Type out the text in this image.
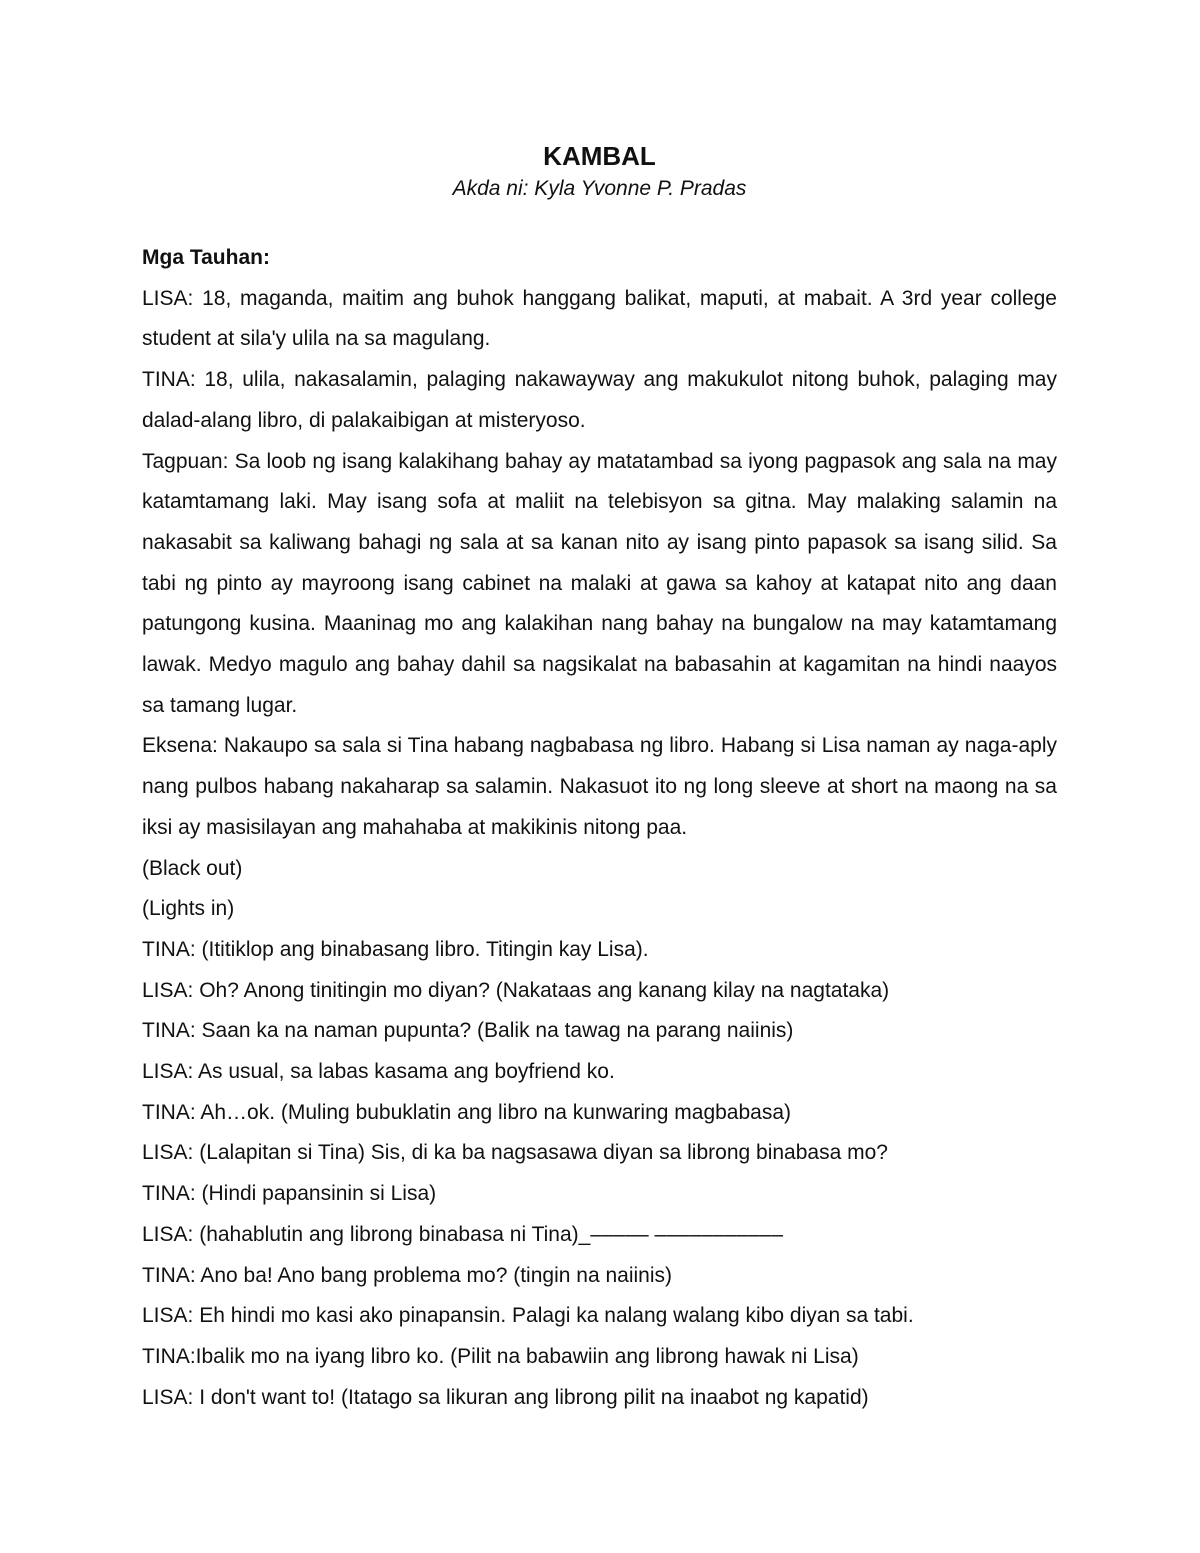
KAMBAL

Akda ni: Kyla Yvonne P. Pradas

Mga Tauhan:

LISA: 18, maganda, maitim ang buhok hanggang balikat, maputi, at mabait. A 3rd year college student at sila'y ulila na sa magulang.

TINA: 18, ulila, nakasalamin, palaging nakawayway ang makukulot nitong buhok, palaging may dalad-alang libro, di palakaibigan at misteryoso.

Tagpuan: Sa loob ng isang kalakihang bahay ay matatambad sa iyong pagpasok ang sala na may katamtamang laki. May isang sofa at maliit na telebisyon sa gitna. May malaking salamin na nakasabit sa kaliwang bahagi ng sala at sa kanan nito ay isang pinto papasok sa isang silid. Sa tabi ng pinto ay mayroong isang cabinet na malaki at gawa sa kahoy at katapat nito ang daan patungong kusina. Maaninag mo ang kalakihan nang bahay na bungalow na may katamtamang lawak. Medyo magulo ang bahay dahil sa nagsikalat na babasahin at kagamitan na hindi naayos sa tamang lugar.

Eksena: Nakaupo sa sala si Tina habang nagbabasa ng libro. Habang si Lisa naman ay naga-aply nang pulbos habang nakaharap sa salamin. Nakasuot ito ng long sleeve at short na maong na sa iksi ay masisilayan ang mahahaba at makikinis nitong paa.

(Black out)

(Lights in)

TINA: (Ititiklop ang binabasang libro. Titingin kay Lisa).

LISA: Oh? Anong tinitingin mo diyan? (Nakataas ang kanang kilay na nagtataka)

TINA: Saan ka na naman pupunta? (Balik na tawag na parang naiinis)

LISA: As usual, sa labas kasama ang boyfriend ko.

TINA: Ah…ok. (Muling bubuklatin ang libro na kunwaring magbabasa)

LISA: (Lalapitan si Tina) Sis, di ka ba nagsasawa diyan sa librong binabasa mo?

TINA: (Hindi papansinin si Lisa)

LISA: (hahablutin ang librong binabasa ni Tina)_––––– –––––––––––

TINA: Ano ba! Ano bang problema mo? (tingin na naiinis)

LISA: Eh hindi mo kasi ako pinapansin. Palagi ka nalang walang kibo diyan sa tabi.

TINA:Ibalik mo na iyang libro ko. (Pilit na babawiin ang librong hawak ni Lisa)

LISA: I don't want to! (Itatago sa likuran ang librong pilit na inaabot ng kapatid)
